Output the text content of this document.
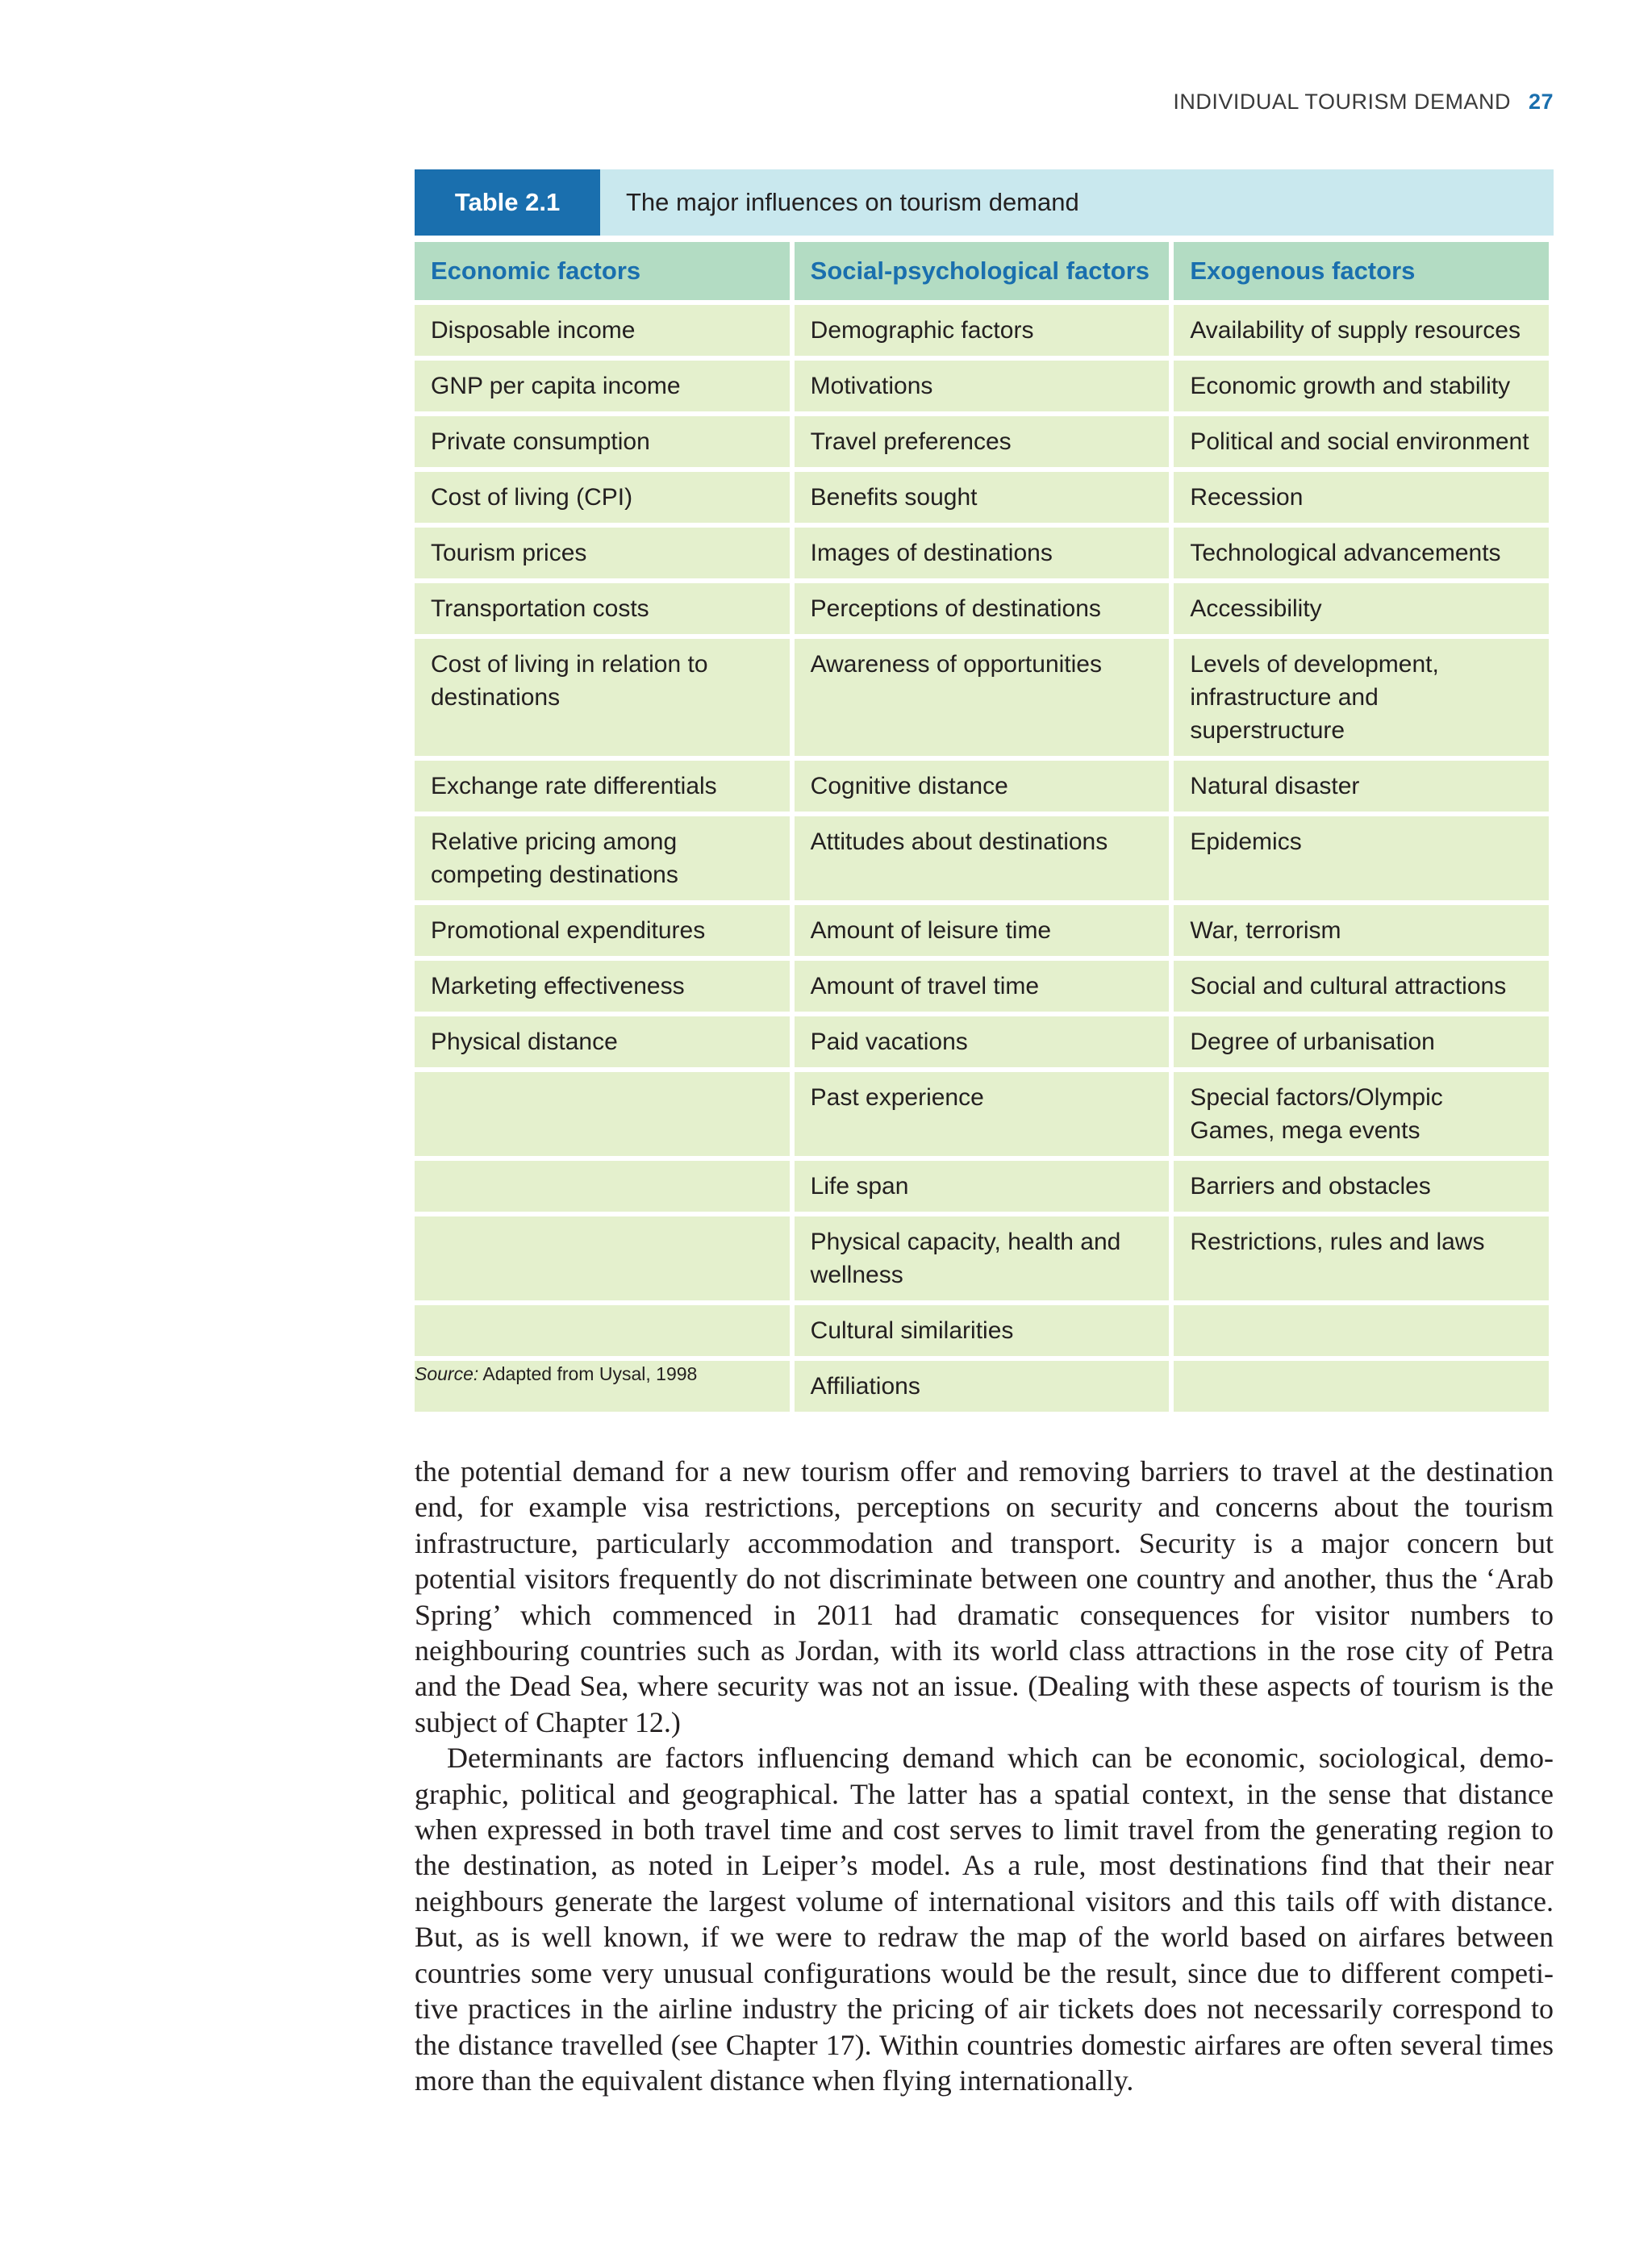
INDIVIDUAL TOURISM DEMAND 27
Table 2.1	The major influences on tourism demand
Economic factors	Social-psychological factors	Exogenous factors
Disposable income	Demographic factors	Availability of supply resources
GNP per capita income	Motivations	Economic growth and stability
Private consumption	Travel preferences	Political and social environment
Cost of living (CPI)	Benefits sought	Recession
Tourism prices	Images of destinations	Technological advancements
Transportation costs	Perceptions of destinations	Accessibility
Cost of living in relation to destinations	Awareness of opportunities	Levels of development, infrastructure and superstructure
Exchange rate differentials	Cognitive distance	Natural disaster
Relative pricing among competing destinations	Attitudes about destinations	Epidemics
Promotional expenditures	Amount of leisure time	War, terrorism
Marketing effectiveness	Amount of travel time	Social and cultural attractions
Physical distance	Paid vacations	Degree of urbanisation
	Past experience	Special factors/Olympic Games, mega events
	Life span	Barriers and obstacles
	Physical capacity, health and wellness	Restrictions, rules and laws
	Cultural similarities	
	Affiliations	
Source: Adapted from Uysal, 1998

the potential demand for a new tourism offer and removing barriers to travel at the destination end, for example visa restrictions, perceptions on security and concerns about the tourism infrastructure, particularly accommodation and transport. Security is a major concern but potential visitors frequently do not discriminate between one country and another, thus the ‘Arab Spring’ which commenced in 2011 had dramatic consequences for visitor numbers to neighbouring countries such as Jordan, with its world class attractions in the rose city of Petra and the Dead Sea, where security was not an issue. (Dealing with these aspects of tourism is the subject of Chapter 12.)

Determinants are factors influencing demand which can be economic, sociological, demographic, political and geographical. The latter has a spatial context, in the sense that distance when expressed in both travel time and cost serves to limit travel from the generating region to the destination, as noted in Leiper’s model. As a rule, most destinations find that their near neighbours generate the largest volume of international visitors and this tails off with distance. But, as is well known, if we were to redraw the map of the world based on airfares between countries some very unusual configurations would be the result, since due to different competitive practices in the airline industry the pricing of air tickets does not necessarily correspond to the distance travelled (see Chapter 17). Within countries domestic airfares are often several times more than the equivalent distance when flying internationally.
